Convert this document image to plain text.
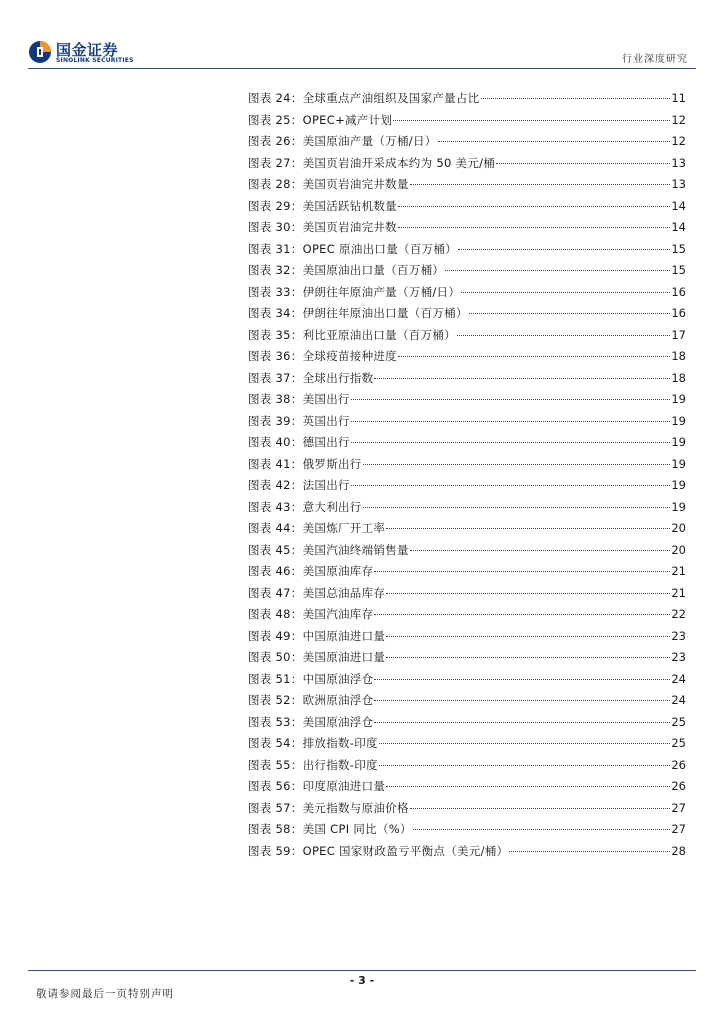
国金证券
SINOLINK SECURITIES	行业深度研究
图表 24：全球重点产油组织及国家产量占比	11
图表 25：OPEC+减产计划	12
图表 26：美国原油产量（万桶/日）	12
图表 27：美国页岩油开采成本约为 50 美元/桶	13
图表 28：美国页岩油完井数量	13
图表 29：美国活跃钻机数量	14
图表 30：美国页岩油完井数	14
图表 31：OPEC 原油出口量（百万桶）	15
图表 32：美国原油出口量（百万桶）	15
图表 33：伊朗往年原油产量（万桶/日）	16
图表 34：伊朗往年原油出口量（百万桶）	16
图表 35：利比亚原油出口量（百万桶）	17
图表 36：全球疫苗接种进度	18
图表 37：全球出行指数	18
图表 38：美国出行	19
图表 39：英国出行	19
图表 40：德国出行	19
图表 41：俄罗斯出行	19
图表 42：法国出行	19
图表 43：意大利出行	19
图表 44：美国炼厂开工率	20
图表 45：美国汽油终端销售量	20
图表 46：美国原油库存	21
图表 47：美国总油品库存	21
图表 48：美国汽油库存	22
图表 49：中国原油进口量	23
图表 50：美国原油进口量	23
图表 51：中国原油浮仓	24
图表 52：欧洲原油浮仓	24
图表 53：美国原油浮仓	25
图表 54：排放指数-印度	25
图表 55：出行指数-印度	26
图表 56：印度原油进口量	26
图表 57：美元指数与原油价格	27
图表 58：美国 CPI 同比（%）	27
图表 59：OPEC 国家财政盈亏平衡点（美元/桶）	28
- 3 -
敬请参阅最后一页特别声明
